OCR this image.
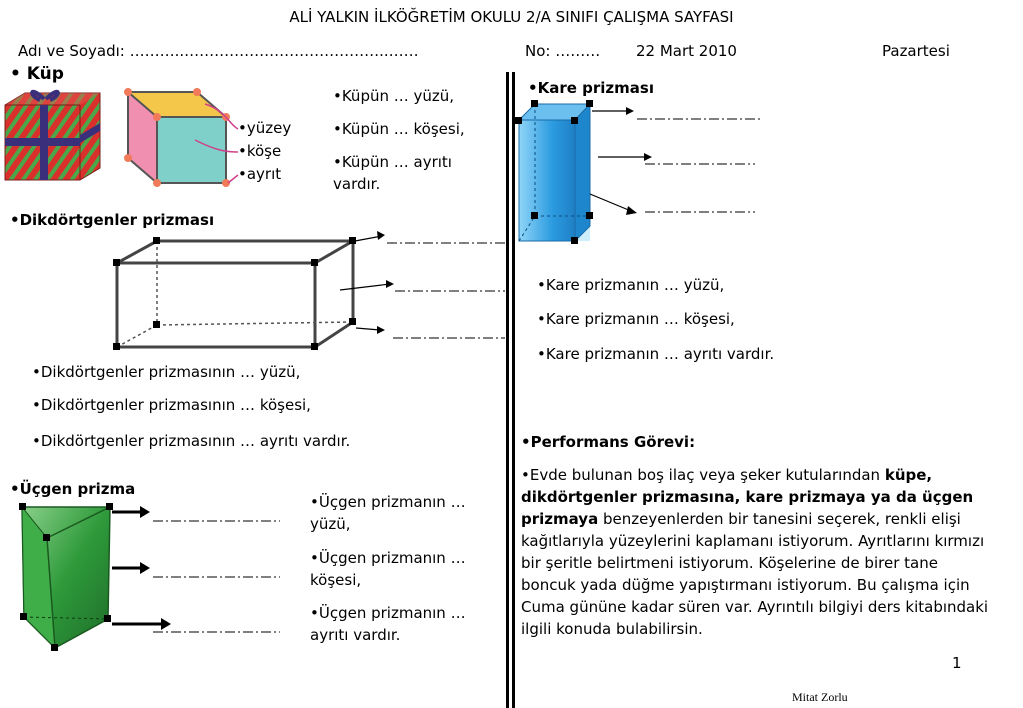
ALİ YALKIN İLKÖĞRETİM OKULU 2/A SINIFI ÇALIŞMA SAYFASI
Adı ve Soyadı: ………..…………………………………..……	No: ……… 22 Mart 2010	Pazartesi
• Küp
•yüzey
•köşe
•ayrıt
•Küpün … yüzü,
•Küpün … köşesi,
•Küpün … ayrıtı vardır.
•Dikdörtgenler prizması
•Dikdörtgenler prizmasının … yüzü,
•Dikdörtgenler prizmasının … köşesi,
•Dikdörtgenler prizmasının … ayrıtı vardır.
•Üçgen prizma
•Üçgen prizmanın … yüzü,
•Üçgen prizmanın … köşesi,
•Üçgen prizmanın … ayrıtı vardır.
•Kare prizması
•Kare prizmanın … yüzü,
•Kare prizmanın … köşesi,
•Kare prizmanın … ayrıtı vardır.
•Performans Görevi:
•Evde bulunan boş ilaç veya şeker kutularından küpe, dikdörtgenler prizmasına, kare prizmaya ya da üçgen prizmaya benzeyenlerden bir tanesini seçerek, renkli elişi kağıtlarıyla yüzeylerini kaplamanı istiyorum. Ayrıtlarını kırmızı bir şeritle belirtmeni istiyorum. Köşelerine de birer tane boncuk yada düğme yapıştırmanı istiyorum. Bu çalışma için Cuma gününe kadar süren var. Ayrıntılı bilgiyi ders kitabındaki ilgili konuda bulabilirsin.
1
Mitat Zorlu
